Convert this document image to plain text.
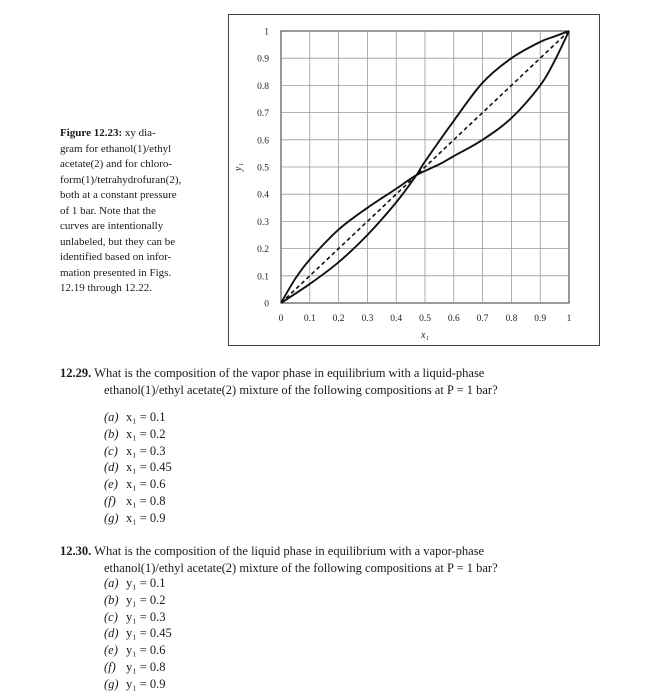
Figure 12.23: xy dia-
gram for ethanol(1)/ethyl
acetate(2) and for chloro-
form(1)/tetrahydrofuran(2),
both at a constant pressure
of 1 bar. Note that the
curves are intentionally
unlabeled, but they can be
identified based on infor-
mation presented in Figs.
12.19 through 12.22.
0 0.1 0.2 0.3 0.4 0.5 0.6 0.7 0.8 0.9 1
0
0.1
0.2
0.3
0.4
0.5
0.6
0.7
0.8
0.9
1
x₁
y₁
12.29. What is the composition of the vapor phase in equilibrium with a liquid-phase
ethanol(1)/ethyl acetate(2) mixture of the following compositions at P = 1 bar?
(a) x₁ = 0.1
(b) x₁ = 0.2
(c) x₁ = 0.3
(d) x₁ = 0.45
(e) x₁ = 0.6
(f) x₁ = 0.8
(g) x₁ = 0.9
12.30. What is the composition of the liquid phase in equilibrium with a vapor-phase
ethanol(1)/ethyl acetate(2) mixture of the following compositions at P = 1 bar?
(a) y₁ = 0.1
(b) y₁ = 0.2
(c) y₁ = 0.3
(d) y₁ = 0.45
(e) y₁ = 0.6
(f) y₁ = 0.8
(g) y₁ = 0.9
